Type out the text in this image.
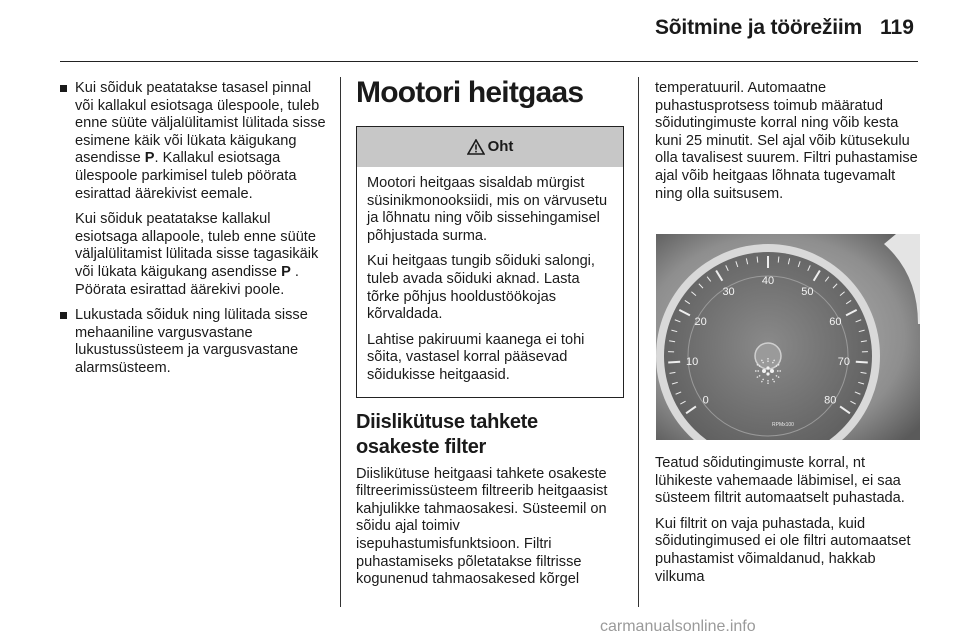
Sõitmine ja töörežiim 119
Kui sõiduk peatatakse tasasel pinnal või kallakul esiotsaga ülespoole, tuleb enne süüte väljalülitamist lülitada sisse esimene käik või lükata käigukang asendisse P. Kallakul esiotsaga ülespoole parkimisel tuleb pöörata esirattad äärekivist eemale.

Kui sõiduk peatatakse kallakul esiotsaga allapoole, tuleb enne süüte väljalülitamist lülitada sisse tagasikäik või lükata käigukang asendisse P . Pöörata esirattad äärekivi poole.

Lukustada sõiduk ning lülitada sisse mehaaniline vargusvastane lukustussüsteem ja vargusvastane alarmsüsteem.
Mootori heitgaas
Oht

Mootori heitgaas sisaldab mürgist süsinikmonooksiidi, mis on värvusetu ja lõhnatu ning võib sissehingamisel põhjustada surma.

Kui heitgaas tungib sõiduki salongi, tuleb avada sõiduki aknad. Lasta tõrke põhjus hooldustöökojas kõrvaldada.

Lahtise pakiruumi kaanega ei tohi sõita, vastasel korral pääsevad sõidukisse heitgaasid.

Diislikütuse tahkete osakeste filter

Diislikütuse heitgaasi tahkete osakeste filtreerimissüsteem filtreerib heitgaasist kahjulikke tahmaosakesi. Süsteemil on sõidu ajal toimiv isepuhastumisfunktsioon. Filtri puhastamiseks põletatakse filtrisse kogunenud tahmaosakesed kõrgel

temperatuuril. Automaatne puhastusprotsess toimub määratud sõidutingimuste korral ning võib kesta kuni 25 minutit. Sel ajal võib kütusekulu olla tavalisest suurem. Filtri puhastamise ajal võib heitgaas lõhnata tugevamalt ning olla suitsusem.

0
10
20
30
40
50
60
70
80
RPMx100

Teatud sõidutingimuste korral, nt lühikeste vahemaade läbimisel, ei saa süsteem filtrit automaatselt puhastada.

Kui filtrit on vaja puhastada, kuid sõidutingimused ei ole filtri automaatset puhastamist võimaldanud, hakkab vilkuma

carmanualsonline.info
